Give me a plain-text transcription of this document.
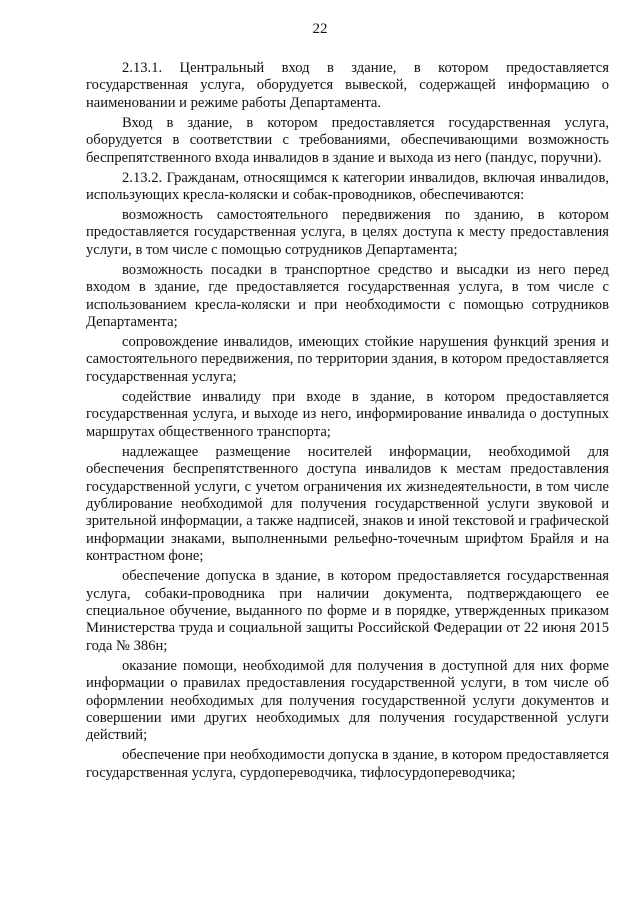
22

2.13.1. Центральный вход в здание, в котором предоставляется государственная услуга, оборудуется вывеской, содержащей информацию о наименовании и режиме работы Департамента.

Вход в здание, в котором предоставляется государственная услуга, оборудуется в соответствии с требованиями, обеспечивающими возможность беспрепятственного входа инвалидов в здание и выхода из него (пандус, поручни).

2.13.2. Гражданам, относящимся к категории инвалидов, включая инвалидов, использующих кресла-коляски и собак-проводников, обеспечиваются:

возможность самостоятельного передвижения по зданию, в котором предоставляется государственная услуга, в целях доступа к месту предоставления услуги, в том числе с помощью сотрудников Департамента;

возможность посадки в транспортное средство и высадки из него перед входом в здание, где предоставляется государственная услуга, в том числе с использованием кресла-коляски и при необходимости с помощью сотрудников Департамента;

сопровождение инвалидов, имеющих стойкие нарушения функций зрения и самостоятельного передвижения, по территории здания, в котором предоставляется государственная услуга;

содействие инвалиду при входе в здание, в котором предоставляется государственная услуга, и выходе из него, информирование инвалида о доступных маршрутах общественного транспорта;

надлежащее размещение носителей информации, необходимой для обеспечения беспрепятственного доступа инвалидов к местам предоставления государственной услуги, с учетом ограничения их жизнедеятельности, в том числе дублирование необходимой для получения государственной услуги звуковой и зрительной информации, а также надписей, знаков и иной текстовой и графической информации знаками, выполненными рельефно-точечным шрифтом Брайля и на контрастном фоне;

обеспечение допуска в здание, в котором предоставляется государственная услуга, собаки-проводника при наличии документа, подтверждающего ее специальное обучение, выданного по форме и в порядке, утвержденных приказом Министерства труда и социальной защиты Российской Федерации от 22 июня 2015 года № 386н;

оказание помощи, необходимой для получения в доступной для них форме информации о правилах предоставления государственной услуги, в том числе об оформлении необходимых для получения государственной услуги документов и совершении ими других необходимых для получения государственной услуги действий;

обеспечение при необходимости допуска в здание, в котором предоставляется государственная услуга, сурдопереводчика, тифлосурдопереводчика;
